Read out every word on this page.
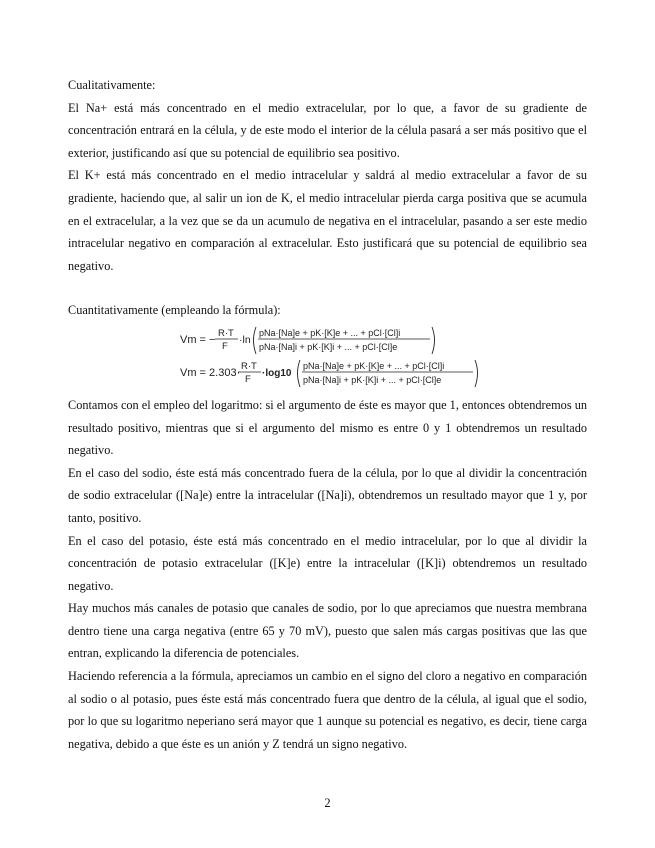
Cualitativamente:

El Na+ está más concentrado en el medio extracelular, por lo que, a favor de su gradiente de concentración entrará en la célula, y de este modo el interior de la célula pasará a ser más positivo que el exterior, justificando así que su potencial de equilibrio sea positivo.

El K+ está más concentrado en el medio intracelular y saldrá al medio extracelular a favor de su gradiente, haciendo que, al salir un ion de K, el medio intracelular pierda carga positiva que se acumula en el extracelular, a la vez que se da un acumulo de negativa en el intracelular, pasando a ser este medio intracelular negativo en comparación al extracelular. Esto justificará que su potencial de equilibrio sea negativo.

Cuantitativamente (empleando la fórmula):

Vm = −
R·T
F
·ln
pNa·[Na]e + pK·[K]e + ... + pCl·[Cl]i
pNa·[Na]i + pK·[K]i + ... + pCl·[Cl]e
Vm = 2.303·
R·T
F
·log10
pNa·[Na]e + pK·[K]e + ... + pCl·[Cl]i
pNa·[Na]i + pK·[K]i + ... + pCl·[Cl]e

Contamos con el empleo del logaritmo: si el argumento de éste es mayor que 1, entonces obtendremos un resultado positivo, mientras que si el argumento del mismo es entre 0 y 1 obtendremos un resultado negativo.

En el caso del sodio, éste está más concentrado fuera de la célula, por lo que al dividir la concentración de sodio extracelular ([Na]e) entre la intracelular ([Na]i), obtendremos un resultado mayor que 1 y, por tanto, positivo.

En el caso del potasio, éste está más concentrado en el medio intracelular, por lo que al dividir la concentración de potasio extracelular ([K]e) entre la intracelular ([K]i) obtendremos un resultado negativo.

Hay muchos más canales de potasio que canales de sodio, por lo que apreciamos que nuestra membrana dentro tiene una carga negativa (entre 65 y 70 mV), puesto que salen más cargas positivas que las que entran, explicando la diferencia de potenciales.

Haciendo referencia a la fórmula, apreciamos un cambio en el signo del cloro a negativo en comparación al sodio o al potasio, pues éste está más concentrado fuera que dentro de la célula, al igual que el sodio, por lo que su logaritmo neperiano será mayor que 1 aunque su potencial es negativo, es decir, tiene carga negativa, debido a que éste es un anión y Z tendrá un signo negativo.

2
